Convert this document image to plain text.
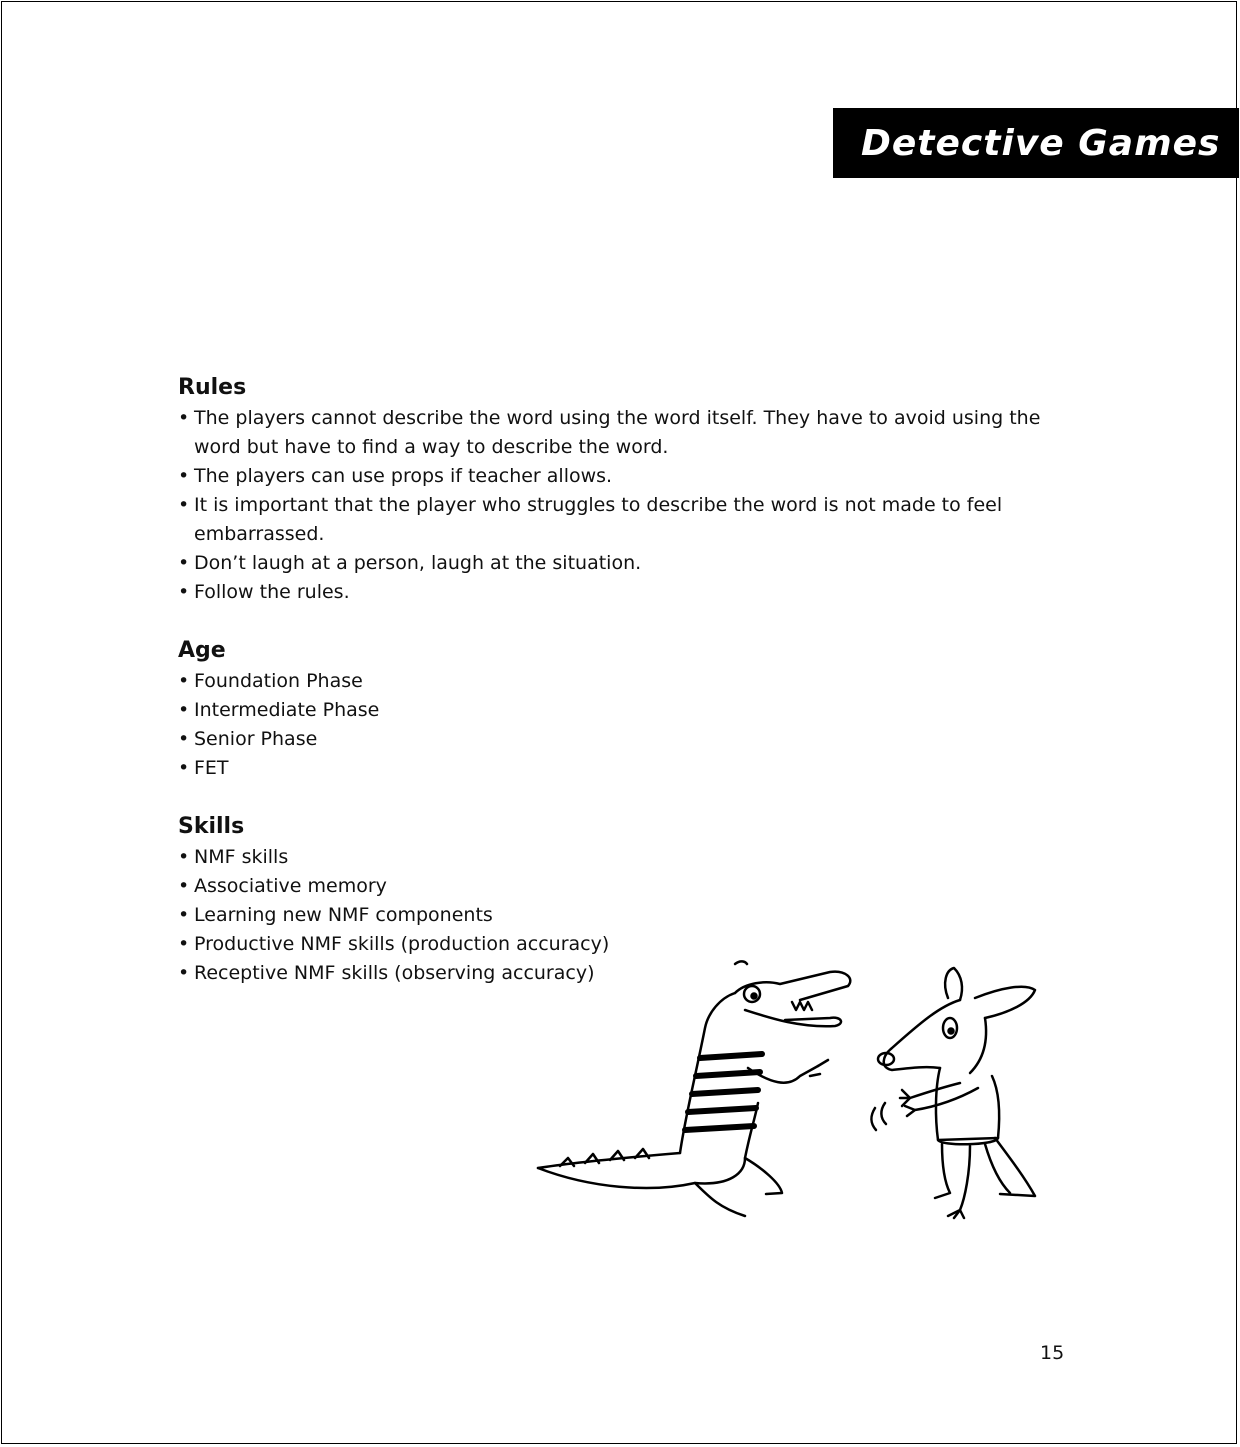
Detective Games
Rules
• The players cannot describe the word using the word itself. They have to avoid using the word but have to find a way to describe the word.
• The players can use props if teacher allows.
• It is important that the player who struggles to describe the word is not made to feel embarrassed.
• Don’t laugh at a person, laugh at the situation.
• Follow the rules.
Age
• Foundation Phase
• Intermediate Phase
• Senior Phase
• FET
Skills
• NMF skills
• Associative memory
• Learning new NMF components
• Productive NMF skills (production accuracy)
• Receptive NMF skills (observing accuracy)
15
